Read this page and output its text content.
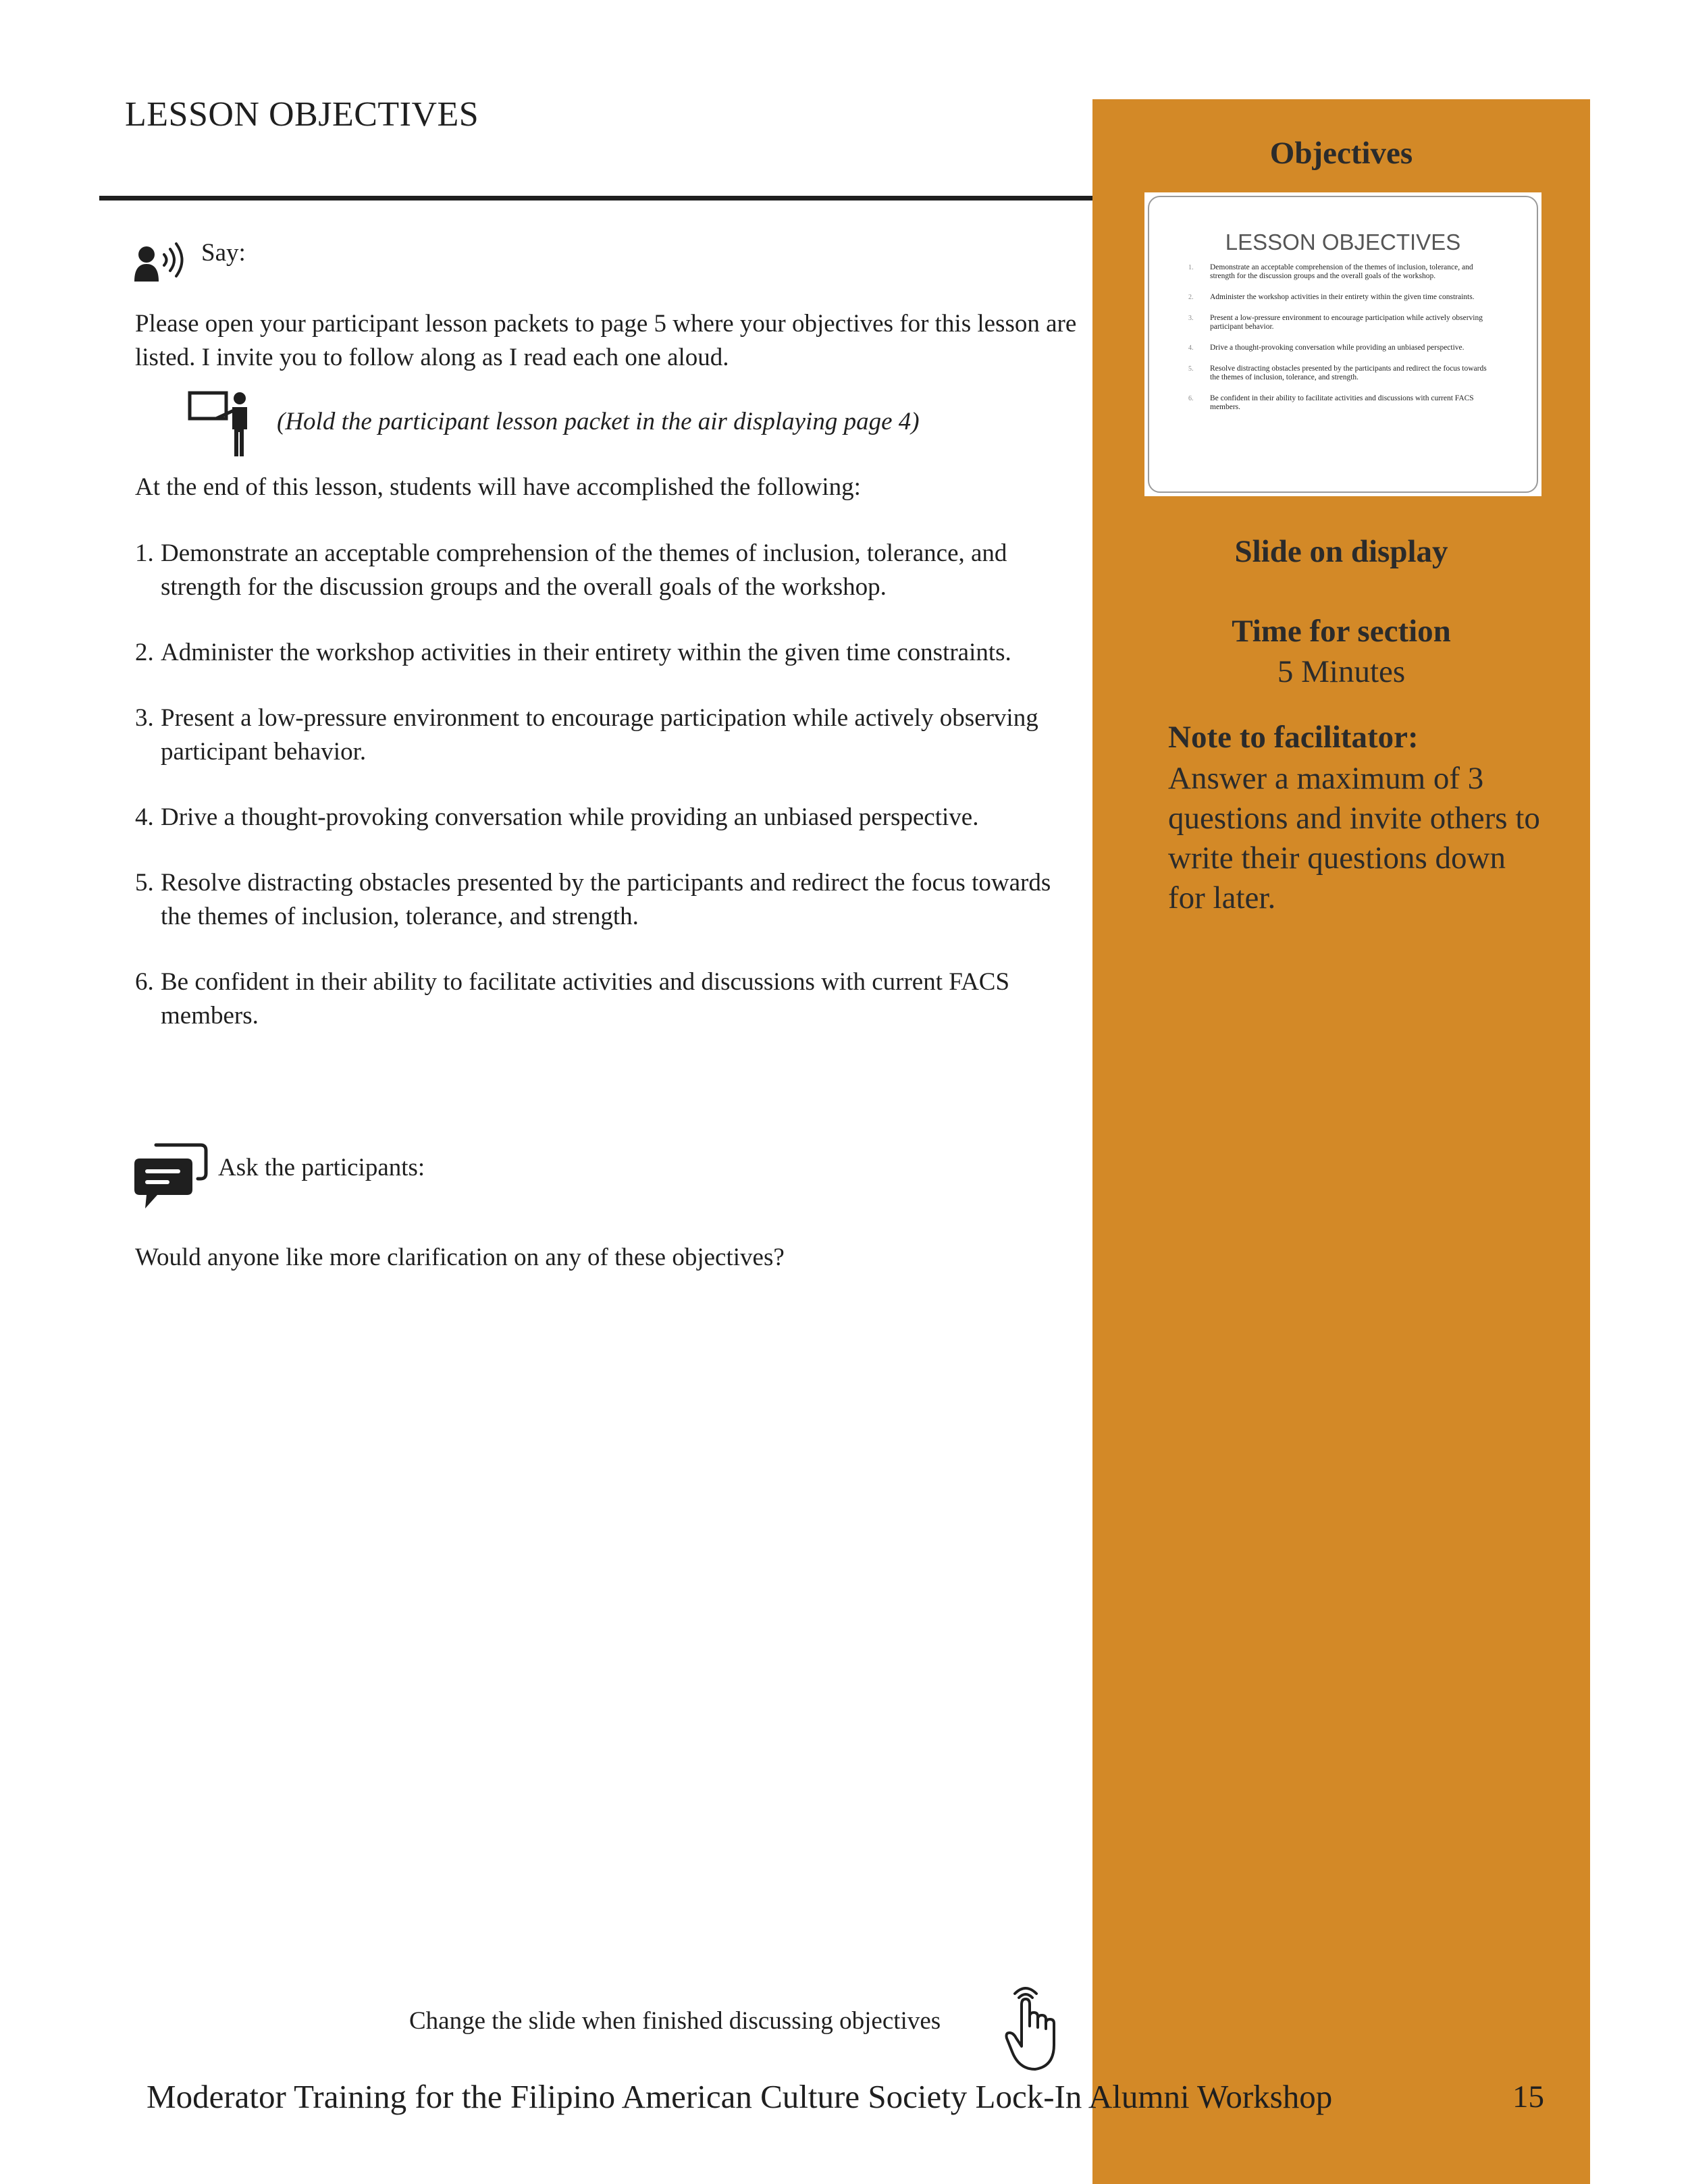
Objectives
LESSON OBJECTIVES
1. Demonstrate an acceptable comprehension of the themes of inclusion, tolerance, and strength for the discussion groups and the overall goals of the workshop.
2. Administer the workshop activities in their entirety within the given time constraints.
3. Present a low-pressure environment to encourage participation while actively observing participant behavior.
4. Drive a thought-provoking conversation while providing an unbiased perspective.
5. Resolve distracting obstacles presented by the participants and redirect the focus towards the themes of inclusion, tolerance, and strength.
6. Be confident in their ability to facilitate activities and discussions with current FACS members.
Slide on display
Time for section
5 Minutes
Note to facilitator:
Answer a maximum of 3 questions and invite others to write their questions down for later.
LESSON OBJECTIVES
Say:
Please open your participant lesson packets to page 5 where your objectives for this lesson are listed. I invite you to follow along as I read each one aloud.
(Hold the participant lesson packet in the air displaying page 4)
At the end of this lesson, students will have accomplished the following:
1. Demonstrate an acceptable comprehension of the themes of inclusion, tolerance, and strength for the discussion groups and the overall goals of the workshop.
2. Administer the workshop activities in their entirety within the given time constraints.
3. Present a low-pressure environment to encourage participation while actively observing participant behavior.
4. Drive a thought-provoking conversation while providing an unbiased perspective.
5. Resolve distracting obstacles presented by the participants and redirect the focus towards the themes of inclusion, tolerance, and strength.
6. Be confident in their ability to facilitate activities and discussions with current FACS members.
Ask the participants:
Would anyone like more clarification on any of these objectives?
Change the slide when finished discussing objectives
Moderator Training for the Filipino American Culture Society Lock-In Alumni Workshop	15
